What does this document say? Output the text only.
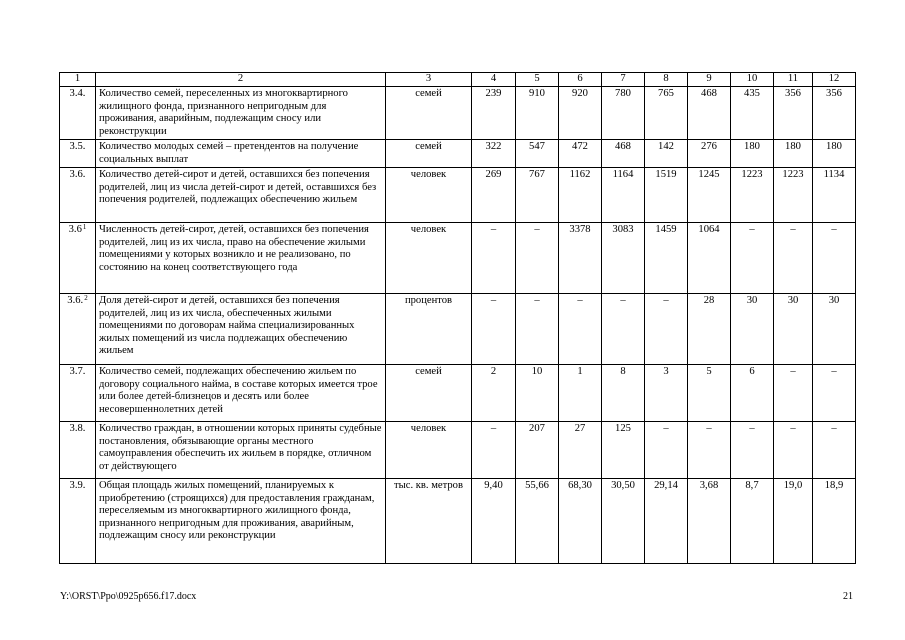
1	2	3	4	5	6	7	8	9	10	11	12
3.4.	Количество семей, переселенных из многоквартирного жилищного фонда, признанного непригодным для проживания, аварийным, подлежащим сносу или реконструкции	семей	239	910	920	780	765	468	435	356	356
3.5.	Количество молодых семей – претендентов на получение социальных выплат	семей	322	547	472	468	142	276	180	180	180
3.6.	Количество детей-сирот и детей, оставшихся без попечения родителей, лиц из числа детей-сирот и детей, оставшихся без попечения родителей, подлежащих обеспечению жильем	человек	269	767	1162	1164	1519	1245	1223	1223	1134
$3.6^1$	Численность детей-сирот, детей, оставшихся без попечения родителей, лиц из их числа, право на обеспечение жилыми помещениями у которых возникло и не реализовано, по состоянию на конец соответствующего года	человек	–	–	3378	3083	1459	1064	–	–	–
3.6.$^2$	Доля детей-сирот и детей, оставшихся без попечения родителей, лиц из их числа, обеспеченных жилыми помещениями по договорам найма специализированных жилых помещений из числа подлежащих обеспечению жильем	процентов	–	–	–	–	–	28	30	30	30
3.7.	Количество семей, подлежащих обеспечению жильем по договору социального найма, в составе которых имеется трое или более детей-близнецов и десять или более несовершеннолетних детей	семей	2	10	1	8	3	5	6	–	–
3.8.	Количество граждан, в отношении которых приняты судебные постановления, обязывающие органы местного самоуправления обеспечить их жильем в порядке, отличном от действующего	человек	–	207	27	125	–	–	–	–	–
3.9.	Общая площадь жилых помещений, планируемых к приобретению (строящихся) для предоставления гражданам, переселяемым из многоквартирного жилищного фонда, признанного непригодным для проживания, аварийным, подлежащим сносу или реконструкции	тыс. кв. метров	9,40	55,66	68,30	30,50	29,14	3,68	8,7	19,0	18,9
Y:\ORST\Ppo\0925p656.f17.docx	21
